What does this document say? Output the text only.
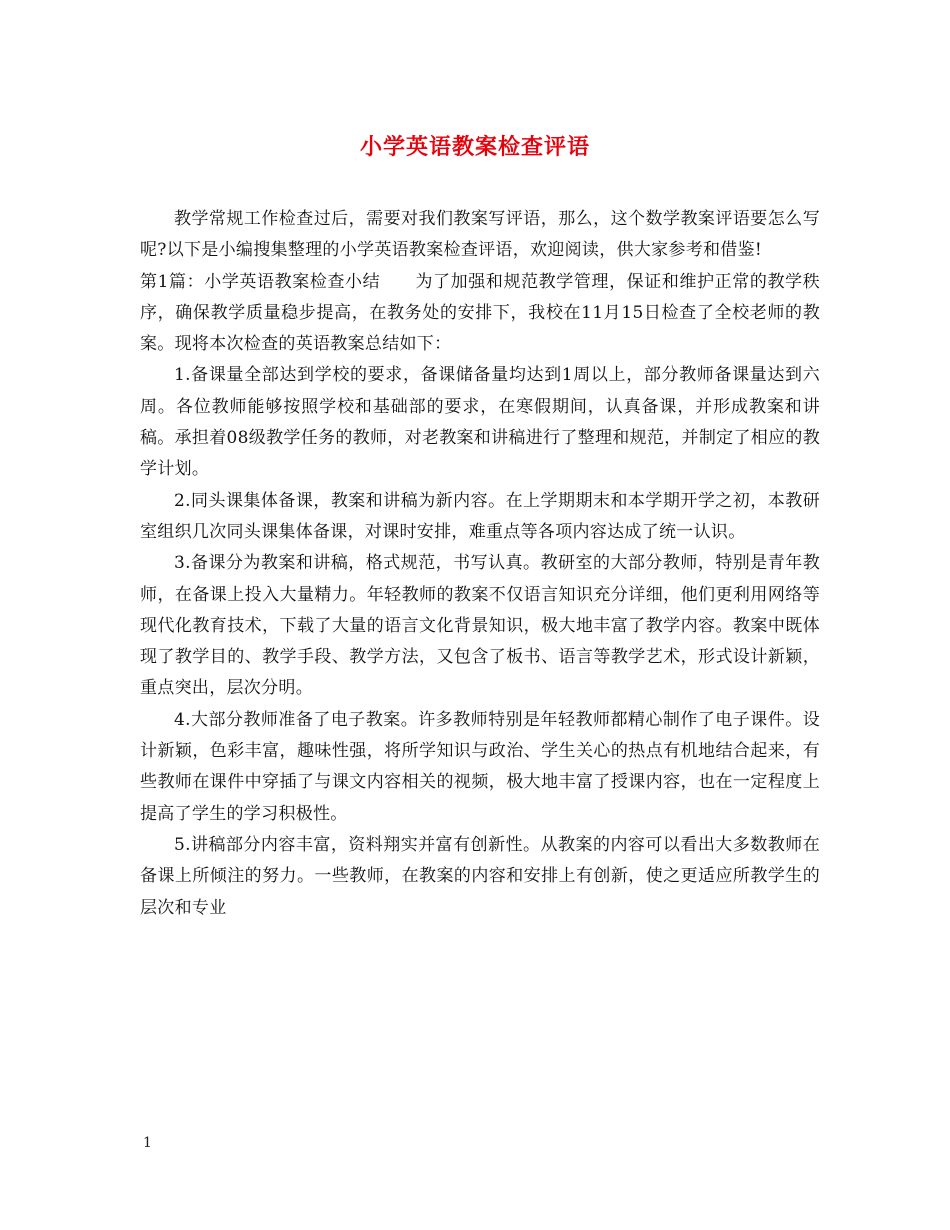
小学英语教案检查评语

教学常规工作检查过后，需要对我们教案写评语，那么，这个数学教案评语要怎么写呢?以下是小编搜集整理的小学英语教案检查评语，欢迎阅读，供大家参考和借鉴!

第1篇：小学英语教案检查小结　　为了加强和规范教学管理，保证和维护正常的教学秩序，确保教学质量稳步提高，在教务处的安排下，我校在11月15日检查了全校老师的教案。现将本次检查的英语教案总结如下：

1.备课量全部达到学校的要求，备课储备量均达到1周以上，部分教师备课量达到六周。各位教师能够按照学校和基础部的要求，在寒假期间，认真备课，并形成教案和讲稿。承担着08级教学任务的教师，对老教案和讲稿进行了整理和规范，并制定了相应的教学计划。

2.同头课集体备课，教案和讲稿为新内容。在上学期期末和本学期开学之初，本教研室组织几次同头课集体备课，对课时安排，难重点等各项内容达成了统一认识。

3.备课分为教案和讲稿，格式规范，书写认真。教研室的大部分教师，特别是青年教师，在备课上投入大量精力。年轻教师的教案不仅语言知识充分详细，他们更利用网络等现代化教育技术，下载了大量的语言文化背景知识，极大地丰富了教学内容。教案中既体现了教学目的、教学手段、教学方法，又包含了板书、语言等教学艺术，形式设计新颖，重点突出，层次分明。

4.大部分教师准备了电子教案。许多教师特别是年轻教师都精心制作了电子课件。设计新颖，色彩丰富，趣味性强，将所学知识与政治、学生关心的热点有机地结合起来，有些教师在课件中穿插了与课文内容相关的视频，极大地丰富了授课内容，也在一定程度上提高了学生的学习积极性。

5.讲稿部分内容丰富，资料翔实并富有创新性。从教案的内容可以看出大多数教师在备课上所倾注的努力。一些教师，在教案的内容和安排上有创新，使之更适应所教学生的层次和专业

1
